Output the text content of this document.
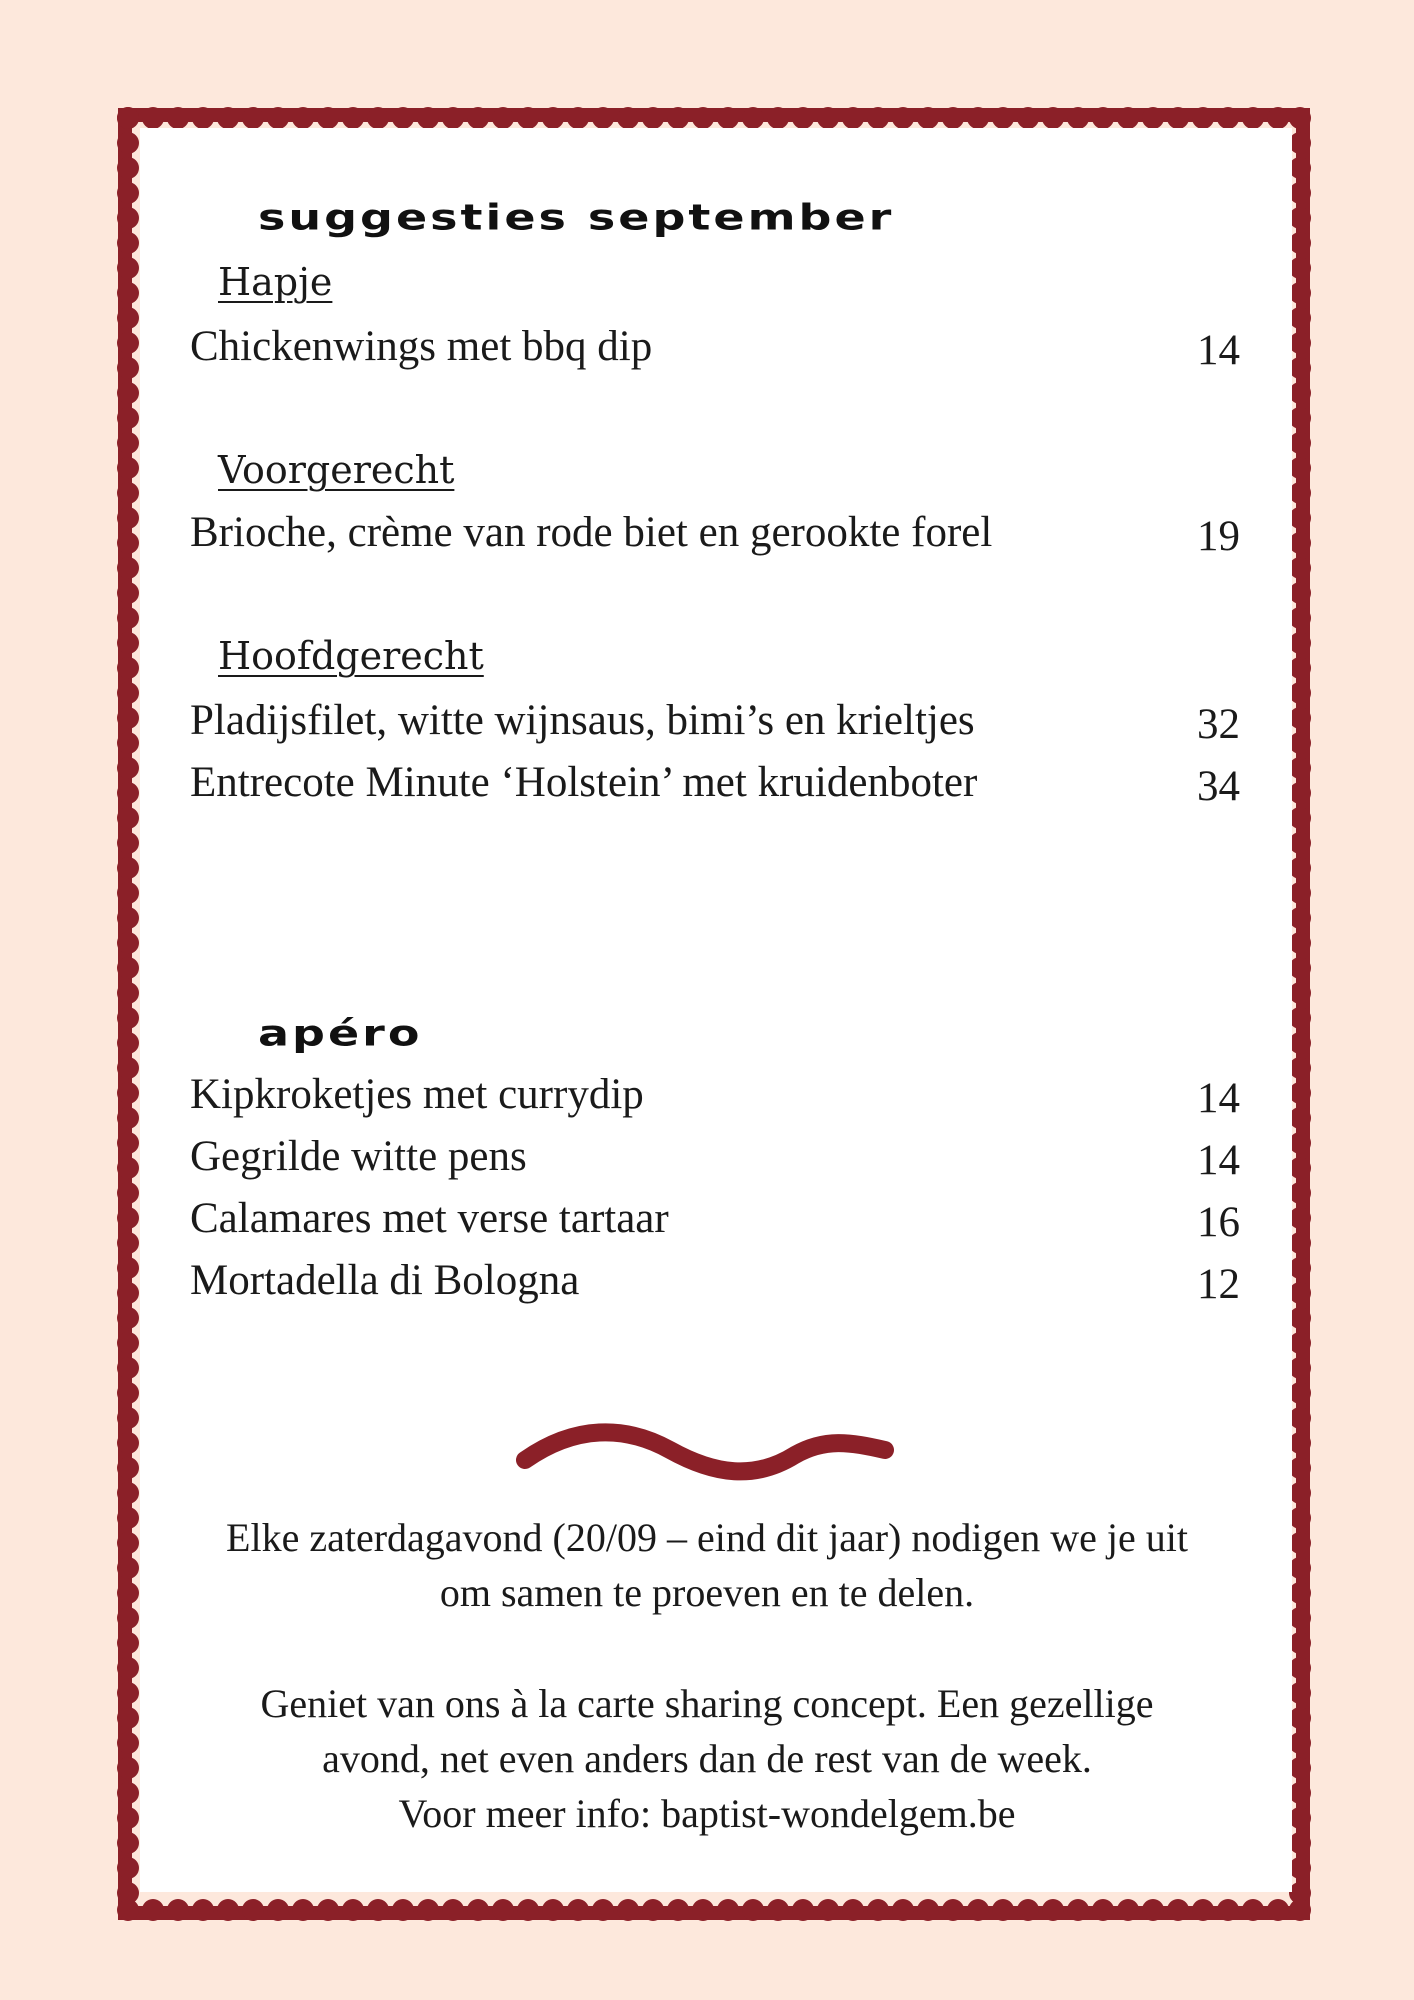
suggesties september
Hapje
Chickenwings met bbq dip	14
Voorgerecht
Brioche, crème van rode biet en gerookte forel	19
Hoofdgerecht
Pladijsfilet, witte wijnsaus, bimi’s en krieltjes	32
Entrecote Minute ‘Holstein’ met kruidenboter	34
apéro
Kipkroketjes met currydip	14
Gegrilde witte pens	14
Calamares met verse tartaar	16
Mortadella di Bologna	12

Elke zaterdagavond (20/09 – eind dit jaar) nodigen we je uit

om samen te proeven en te delen.

Geniet van ons à la carte sharing concept. Een gezellige

avond, net even anders dan de rest van de week.

Voor meer info: baptist-wondelgem.be
